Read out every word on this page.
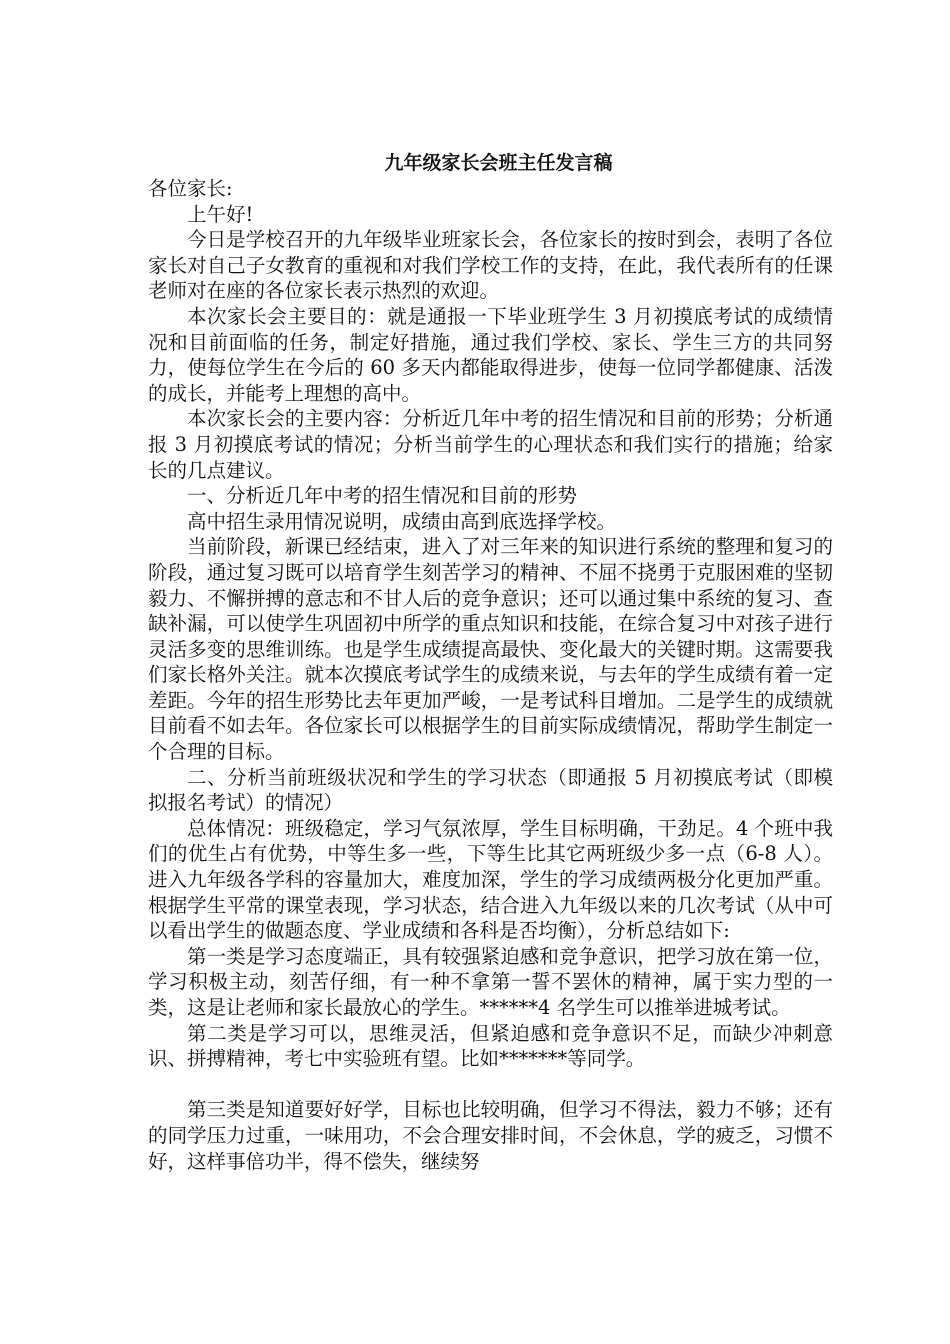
九年级家长会班主任发言稿

各位家长:

上午好!

今日是学校召开的九年级毕业班家长会，各位家长的按时到会，表明了各位家长对自己子女教育的重视和对我们学校工作的支持，在此，我代表所有的任课老师对在座的各位家长表示热烈的欢迎。

本次家长会主要目的：就是通报一下毕业班学生 3 月初摸底考试的成绩情况和目前面临的任务，制定好措施，通过我们学校、家长、学生三方的共同努力，使每位学生在今后的 60 多天内都能取得进步，使每一位同学都健康、活泼的成长，并能考上理想的高中。

本次家长会的主要内容：分析近几年中考的招生情况和目前的形势；分析通报 3 月初摸底考试的情况；分析当前学生的心理状态和我们实行的措施；给家长的几点建议。

一、分析近几年中考的招生情况和目前的形势

高中招生录用情况说明，成绩由高到底选择学校。

当前阶段，新课已经结束，进入了对三年来的知识进行系统的整理和复习的阶段，通过复习既可以培育学生刻苦学习的精神、不屈不挠勇于克服困难的坚韧毅力、不懈拼搏的意志和不甘人后的竞争意识；还可以通过集中系统的复习、查缺补漏，可以使学生巩固初中所学的重点知识和技能，在综合复习中对孩子进行灵活多变的思维训练。也是学生成绩提高最快、变化最大的关键时期。这需要我们家长格外关注。就本次摸底考试学生的成绩来说，与去年的学生成绩有着一定差距。今年的招生形势比去年更加严峻，一是考试科目增加。二是学生的成绩就目前看不如去年。各位家长可以根据学生的目前实际成绩情况，帮助学生制定一个合理的目标。

二、分析当前班级状况和学生的学习状态（即通报 5 月初摸底考试（即模拟报名考试）的情况）

总体情况：班级稳定，学习气氛浓厚，学生目标明确，干劲足。4 个班中我们的优生占有优势，中等生多一些，下等生比其它两班级少多一点（6-8 人）。进入九年级各学科的容量加大，难度加深，学生的学习成绩两极分化更加严重。根据学生平常的课堂表现，学习状态，结合进入九年级以来的几次考试（从中可以看出学生的做题态度、学业成绩和各科是否均衡），分析总结如下:

第一类是学习态度端正，具有较强紧迫感和竞争意识，把学习放在第一位，学习积极主动，刻苦仔细，有一种不拿第一誓不罢休的精神，属于实力型的一类，这是让老师和家长最放心的学生。******4 名学生可以推举进城考试。

第二类是学习可以，思维灵活，但紧迫感和竞争意识不足，而缺少冲刺意识、拼搏精神，考七中实验班有望。比如*******等同学。

第三类是知道要好好学，目标也比较明确，但学习不得法，毅力不够；还有的同学压力过重，一味用功，不会合理安排时间，不会休息，学的疲乏，习惯不好，这样事倍功半，得不偿失，继续努
